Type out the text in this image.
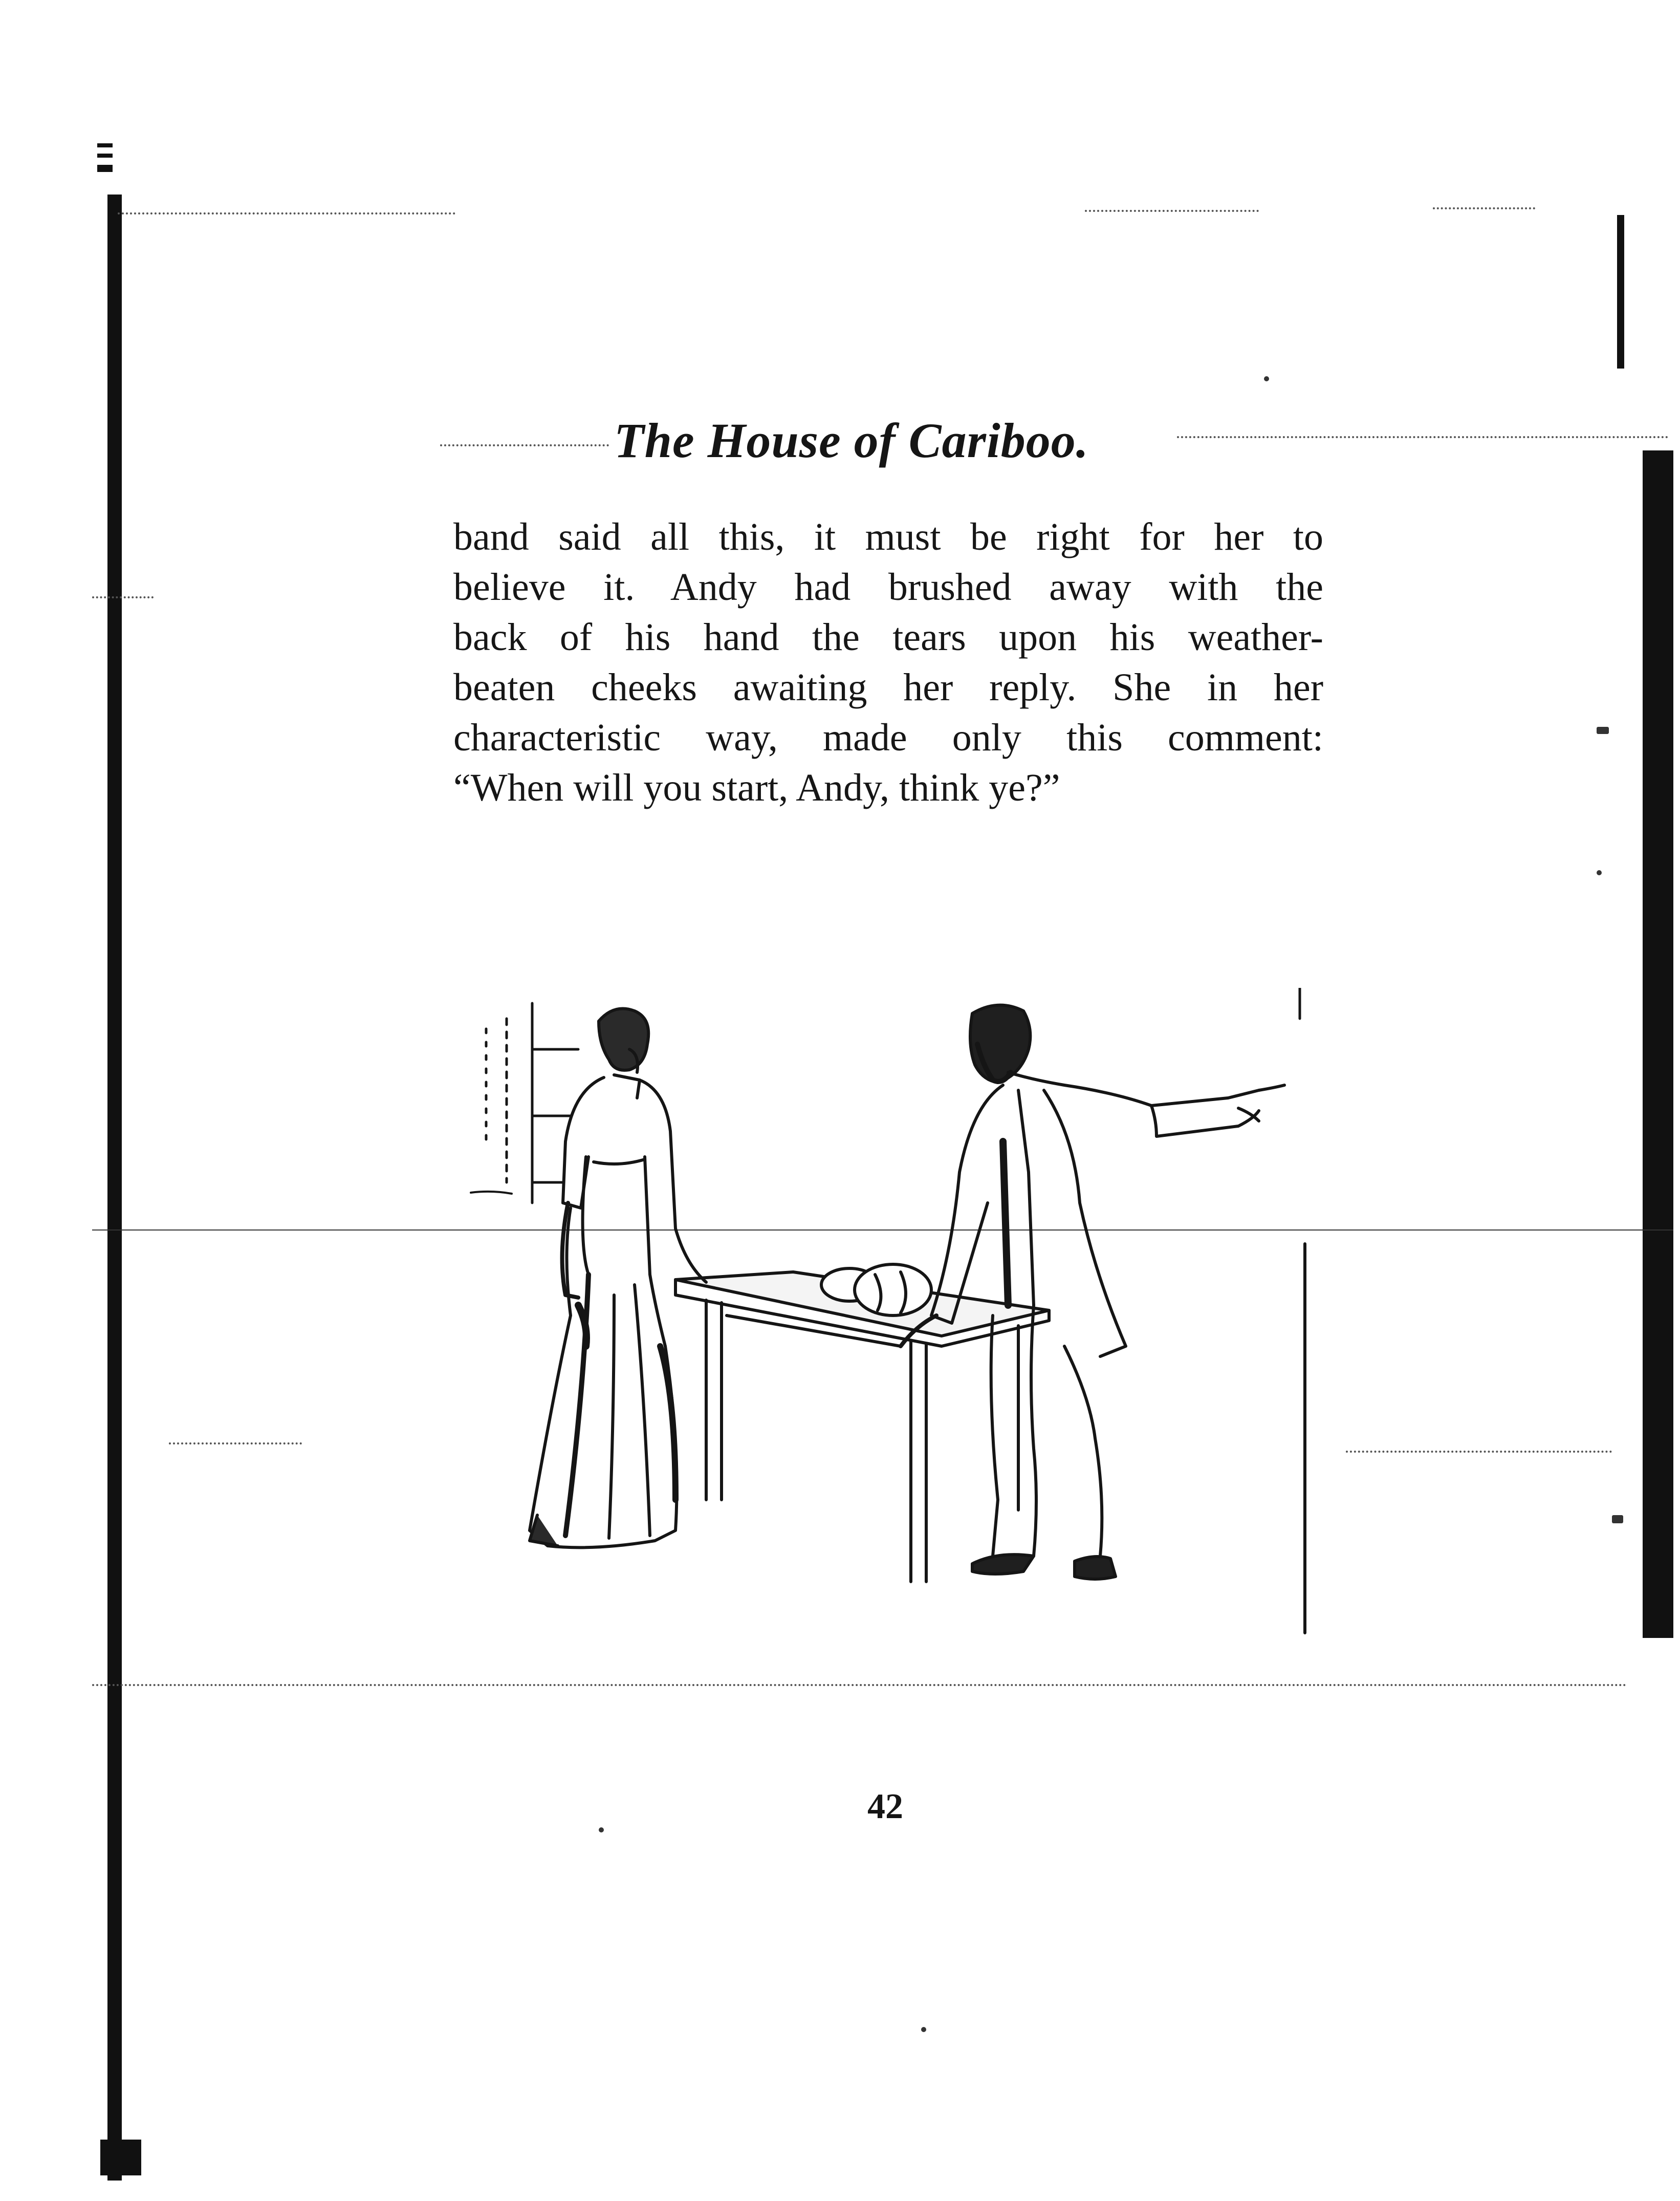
The House of Cariboo.
band said all this, it must be right for her to
believe it. Andy had brushed away with the
back of his hand the tears upon his weather-
beaten cheeks awaiting her reply. She in her
characteristic way, made only this comment:
“When will you start, Andy, think ye?”
42
